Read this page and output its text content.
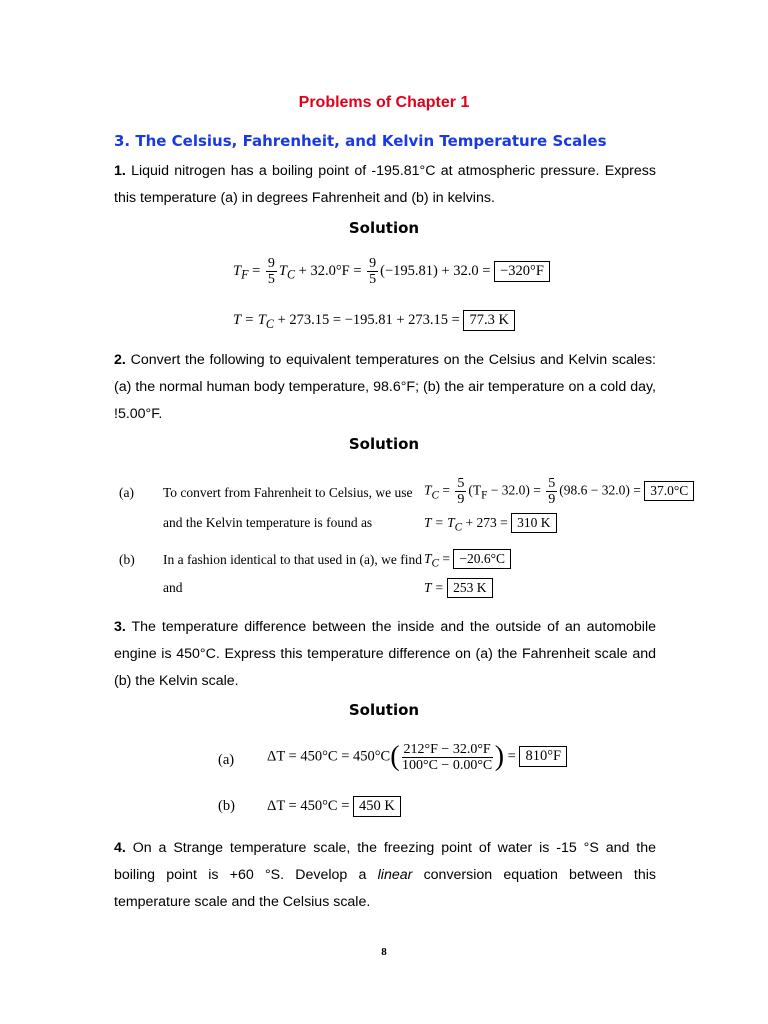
Problems of Chapter 1
3. The Celsius, Fahrenheit, and Kelvin Temperature Scales
1. Liquid nitrogen has a boiling point of -195.81°C at atmospheric pressure. Express this temperature (a) in degrees Fahrenheit and (b) in kelvins.
Solution
$T_F = \frac{9}{5} T_C + 32.0^\circ F = \frac{9}{5} (-195.81) + 32.0 = -320^\circ F$
$T = T_C + 273.15 = -195.81 + 273.15 = 77.3$ K
2. Convert the following to equivalent temperatures on the Celsius and Kelvin scales: (a) the normal human body temperature, 98.6°F; (b) the air temperature on a cold day, !5.00°F.
Solution
(a) To convert from Fahrenheit to Celsius, we use $T_C = \frac{5}{9} (T_F - 32.0) = \frac{5}{9} (98.6 - 32.0) = 37.0^\circ C$
and the Kelvin temperature is found as	$T = T_C + 273 = 310$ K
(b) In a fashion identical to that used in (a), we find $T_C = -20.6^\circ C$
and	T = 253 K
3. The temperature difference between the inside and the outside of an automobile engine is 450°C. Express this temperature difference on (a) the Fahrenheit scale and (b) the Kelvin scale.
Solution
(a) $\Delta T = 450^\circ C = 450^\circ C( \frac{212^\circ F - 32.0^\circ F}{100^\circ C - 0.00^\circ C}$ ) = 810°F
(b) ΔT = 450°C = 450 K
4. On a Strange temperature scale, the freezing point of water is -15 °S and the boiling point is +60 °S. Develop a linear conversion equation between this temperature scale and the Celsius scale.
8
